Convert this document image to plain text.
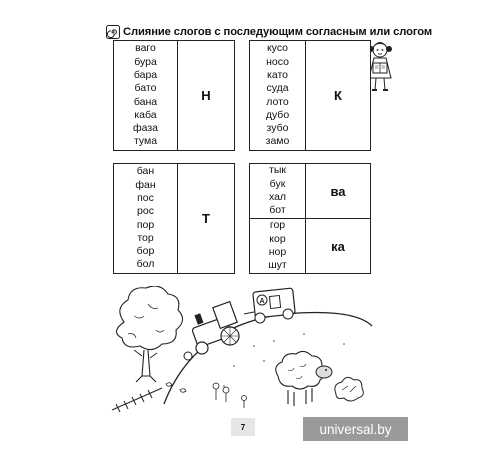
Слияние слогов с последующим согласным или слогом
ваго
бура
бара
бато
бана
каба
фаза
тума
Н
кусо
носо
като
суда
лото
дубо
зубо
замо
К
бан
фан
пос
рос
пор
тор
бор
бол
Т
тык
бук
хал
бот
ва
гор
кор
нор
шут
ка
А
7	universal.by
